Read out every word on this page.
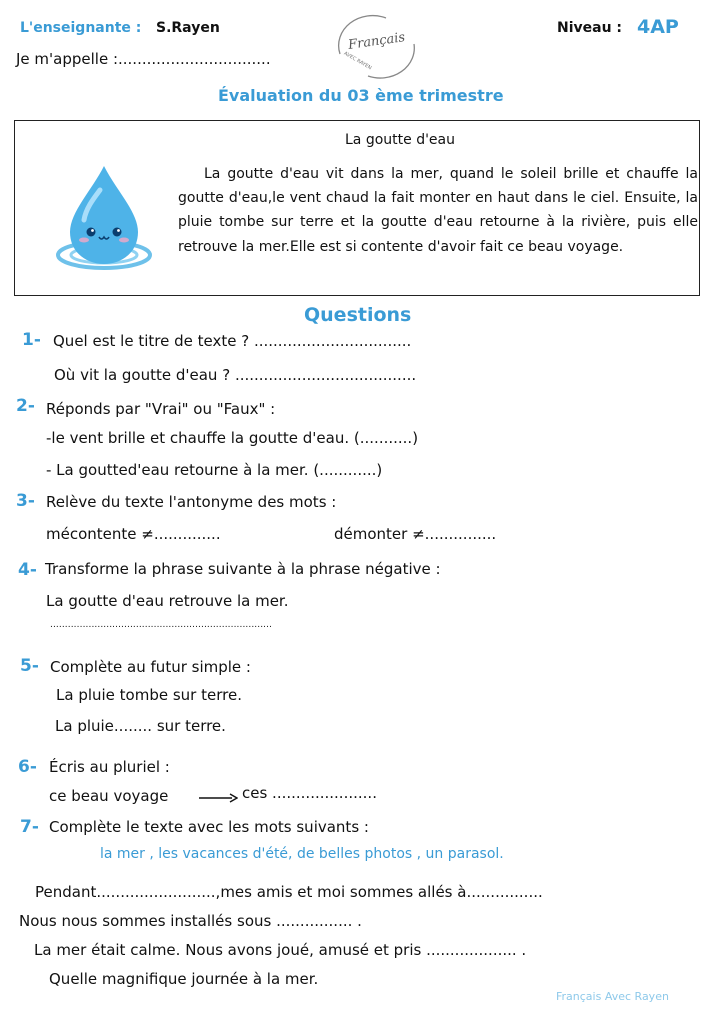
L'enseignante : S.Rayen
Je m'appelle :................................
Niveau : 4AP
Français
AVEC RAYEN
Évaluation du 03 ème trimestre
La goutte d'eau
La goutte d'eau vit dans la mer, quand le soleil brille et chauffe la goutte d'eau,le vent chaud la fait monter en haut dans le ciel. Ensuite, la pluie tombe sur terre et la goutte d'eau retourne à la rivière, puis elle retrouve la mer.Elle est si contente d'avoir fait ce beau voyage.
Questions
1- Quel est le titre de texte ? .................................
Où vit la goutte d'eau ? ......................................
2- Réponds par "Vrai" ou "Faux" :
-le vent brille et chauffe la goutte d'eau. (...........)
- La goutted'eau retourne à la mer. (............)
3- Relève du texte l'antonyme des mots :
mécontente ≠..............	démonter ≠...............
4- Transforme la phrase suivante à la phrase négative :
La goutte d'eau retrouve la mer.
...........................................................................
5- Complète au futur simple :
La pluie tombe sur terre.
La pluie........ sur terre.
6- Écris au pluriel :
ce beau voyage	ces ......................
7- Complète le texte avec les mots suivants :
la mer , les vacances d'été, de belles photos , un parasol.
Pendant.........................,mes amis et moi sommes allés à................
Nous nous sommes installés sous ................ .
La mer était calme. Nous avons joué, amusé et pris ................... .
Quelle magnifique journée à la mer.
Français Avec Rayen
